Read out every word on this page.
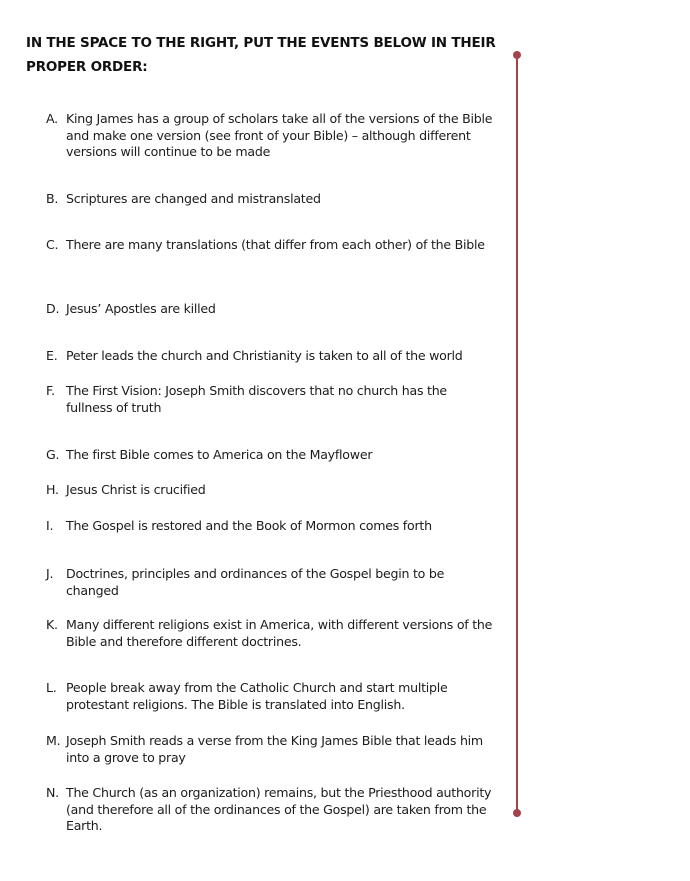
IN THE SPACE TO THE RIGHT, PUT THE EVENTS BELOW IN THEIR PROPER ORDER:
A. King James has a group of scholars take all of the versions of the Bible and make one version (see front of your Bible) – although different versions will continue to be made
B. Scriptures are changed and mistranslated
C. There are many translations (that differ from each other) of the Bible
D. Jesus’ Apostles are killed
E. Peter leads the church and Christianity is taken to all of the world
F. The First Vision: Joseph Smith discovers that no church has the fullness of truth
G. The first Bible comes to America on the Mayflower
H. Jesus Christ is crucified
I.	The Gospel is restored and the Book of Mormon comes forth
J.	Doctrines, principles and ordinances of the Gospel begin to be changed
K. Many different religions exist in America, with different versions of the Bible and therefore different doctrines.
L. People break away from the Catholic Church and start multiple protestant religions. The Bible is translated into English.
M. Joseph Smith reads a verse from the King James Bible that leads him into a grove to pray
N. The Church (as an organization) remains, but the Priesthood authority (and therefore all of the ordinances of the Gospel) are taken from the Earth.
